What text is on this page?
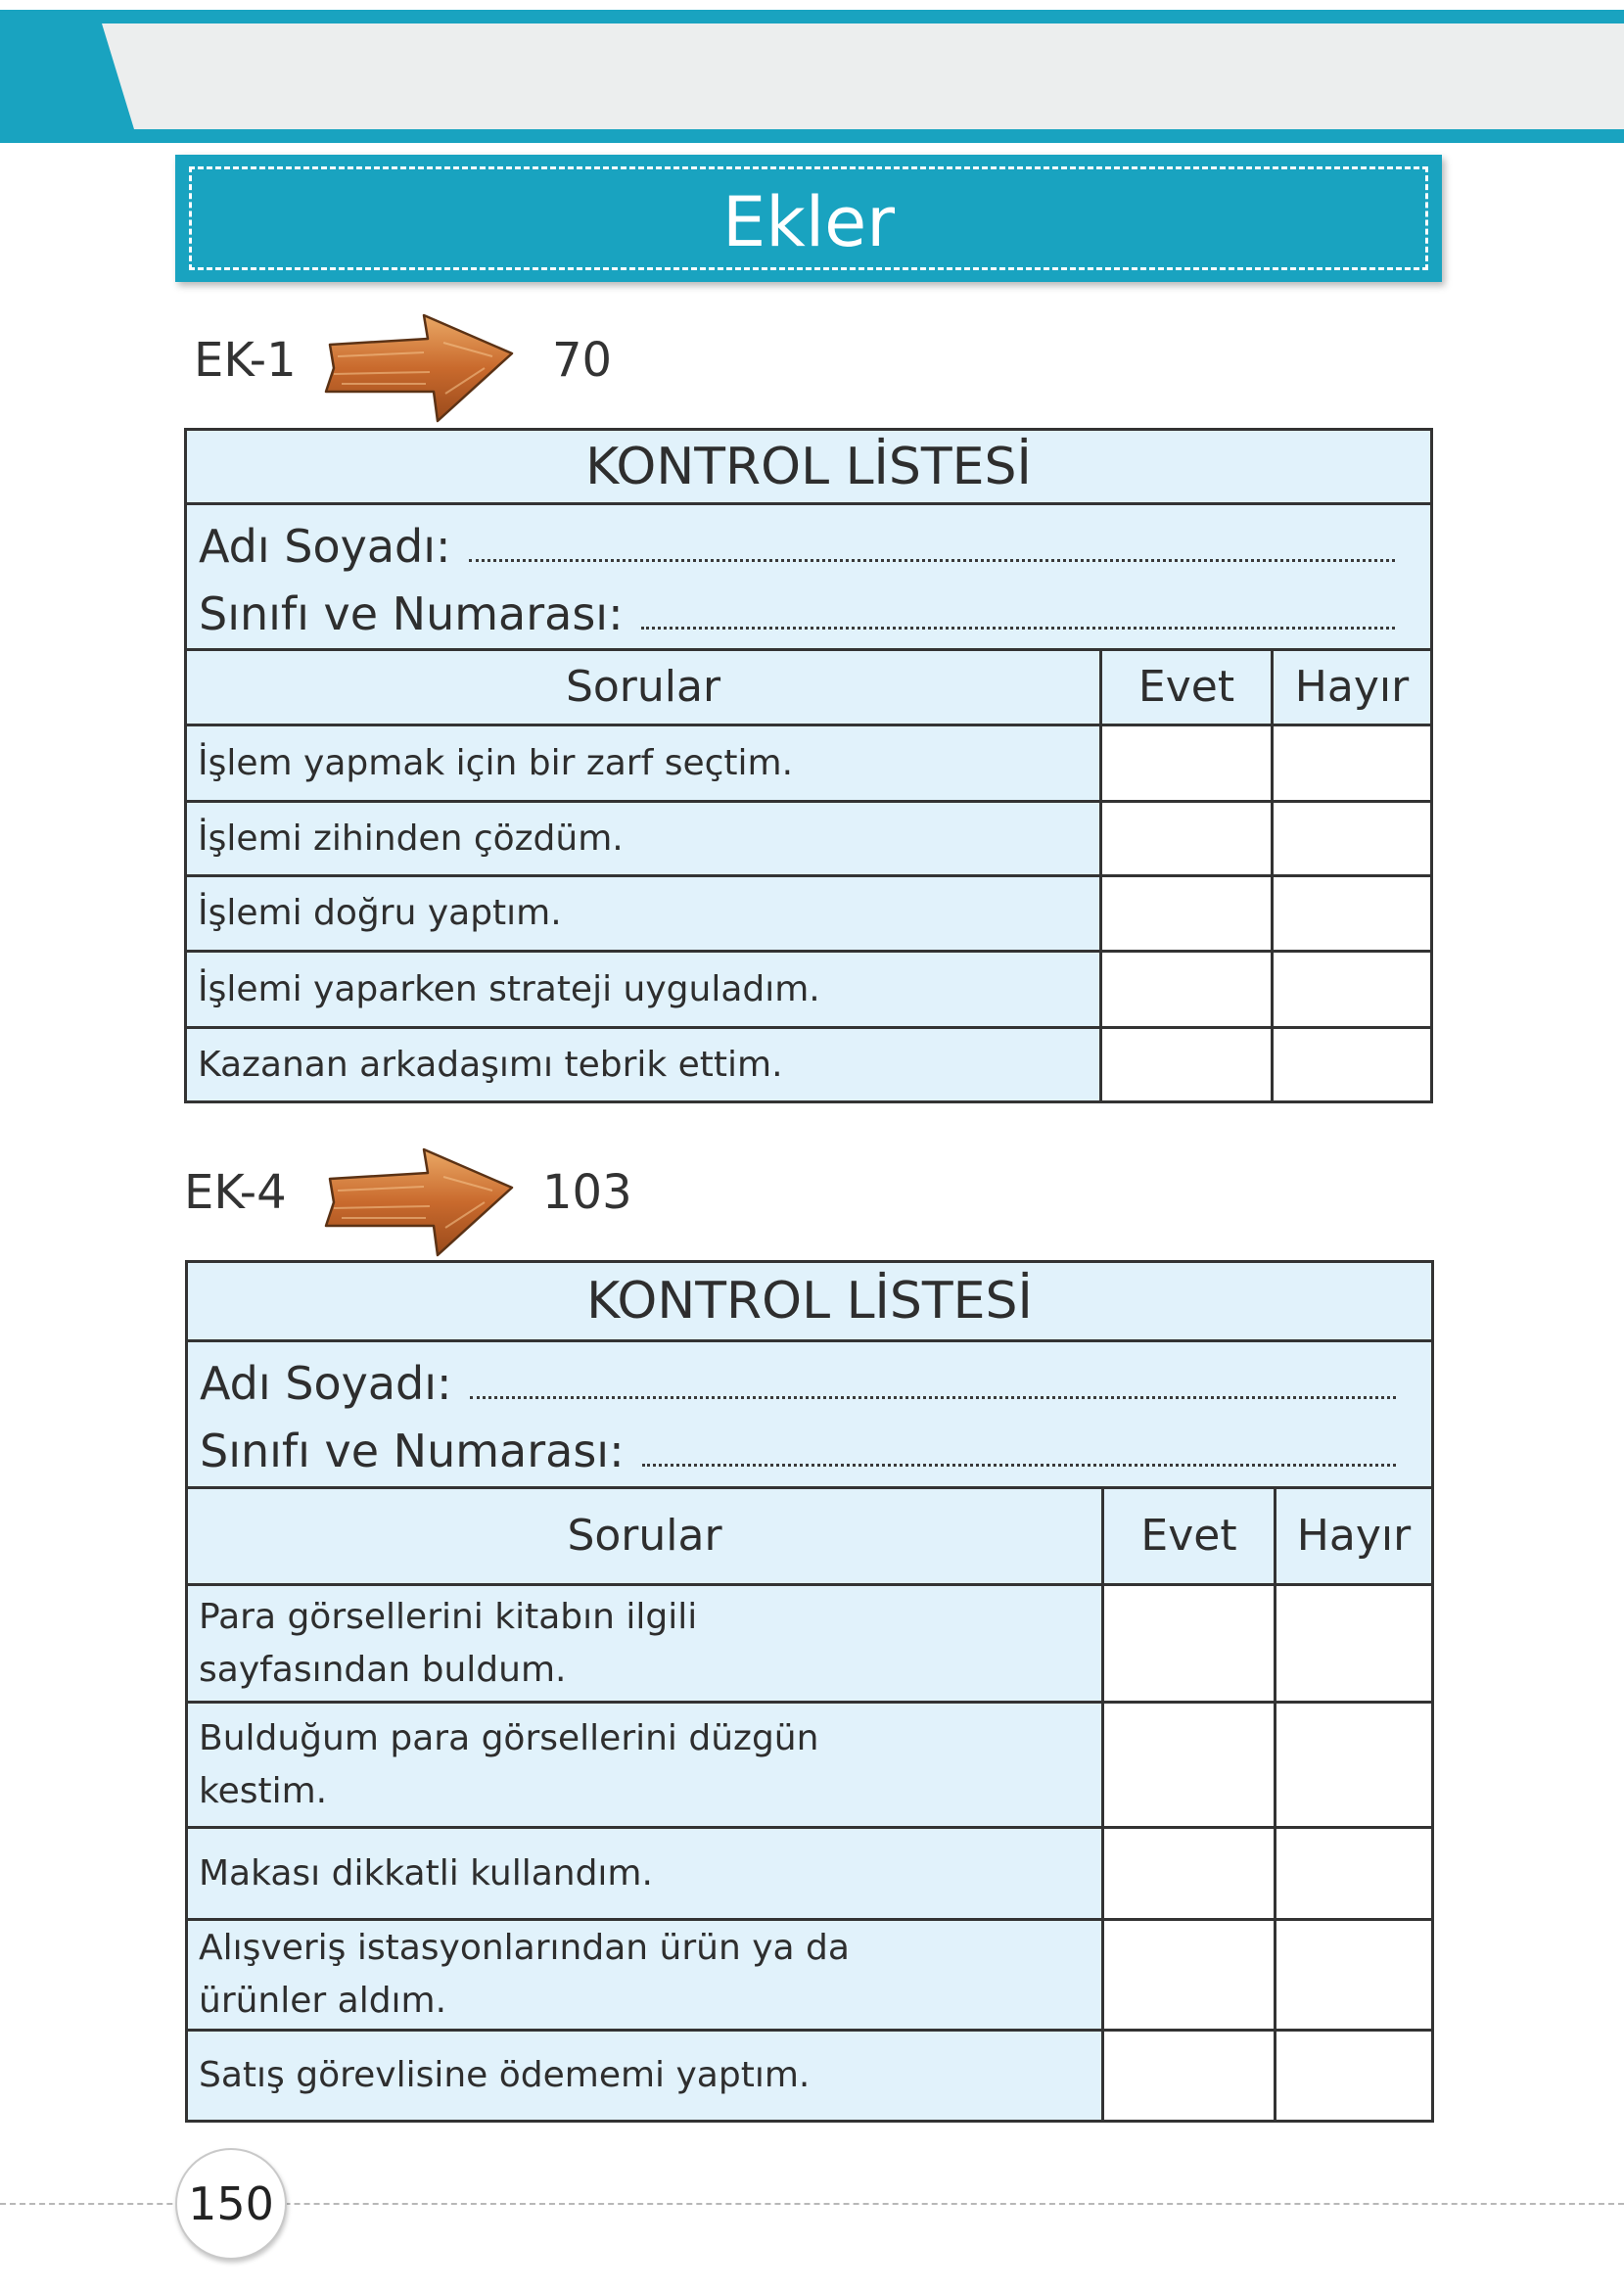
Ekler
EK-1	70
KONTROL LİSTESİ		

Adı Soyadı:
Sınıfı ve Numarası:		

Sorular	Evet	Hayır
İşlem yapmak için bir zarf seçtim.		
İşlemi zihinden çözdüm.		
İşlemi doğru yaptım.		
İşlemi yaparken strateji uyguladım.		
Kazanan arkadaşımı tebrik ettim.		
EK-4	103
KONTROL LİSTESİ		

Adı Soyadı:
Sınıfı ve Numarası:		

Sorular	Evet	Hayır
Para görsellerini kitabın ilgili
sayfasından buldum.		
Bulduğum para görsellerini düzgün
kestim.		
Makası dikkatli kullandım.		
Alışveriş istasyonlarından ürün ya da
ürünler aldım.		
Satış görevlisine ödememi yaptım.		
150
